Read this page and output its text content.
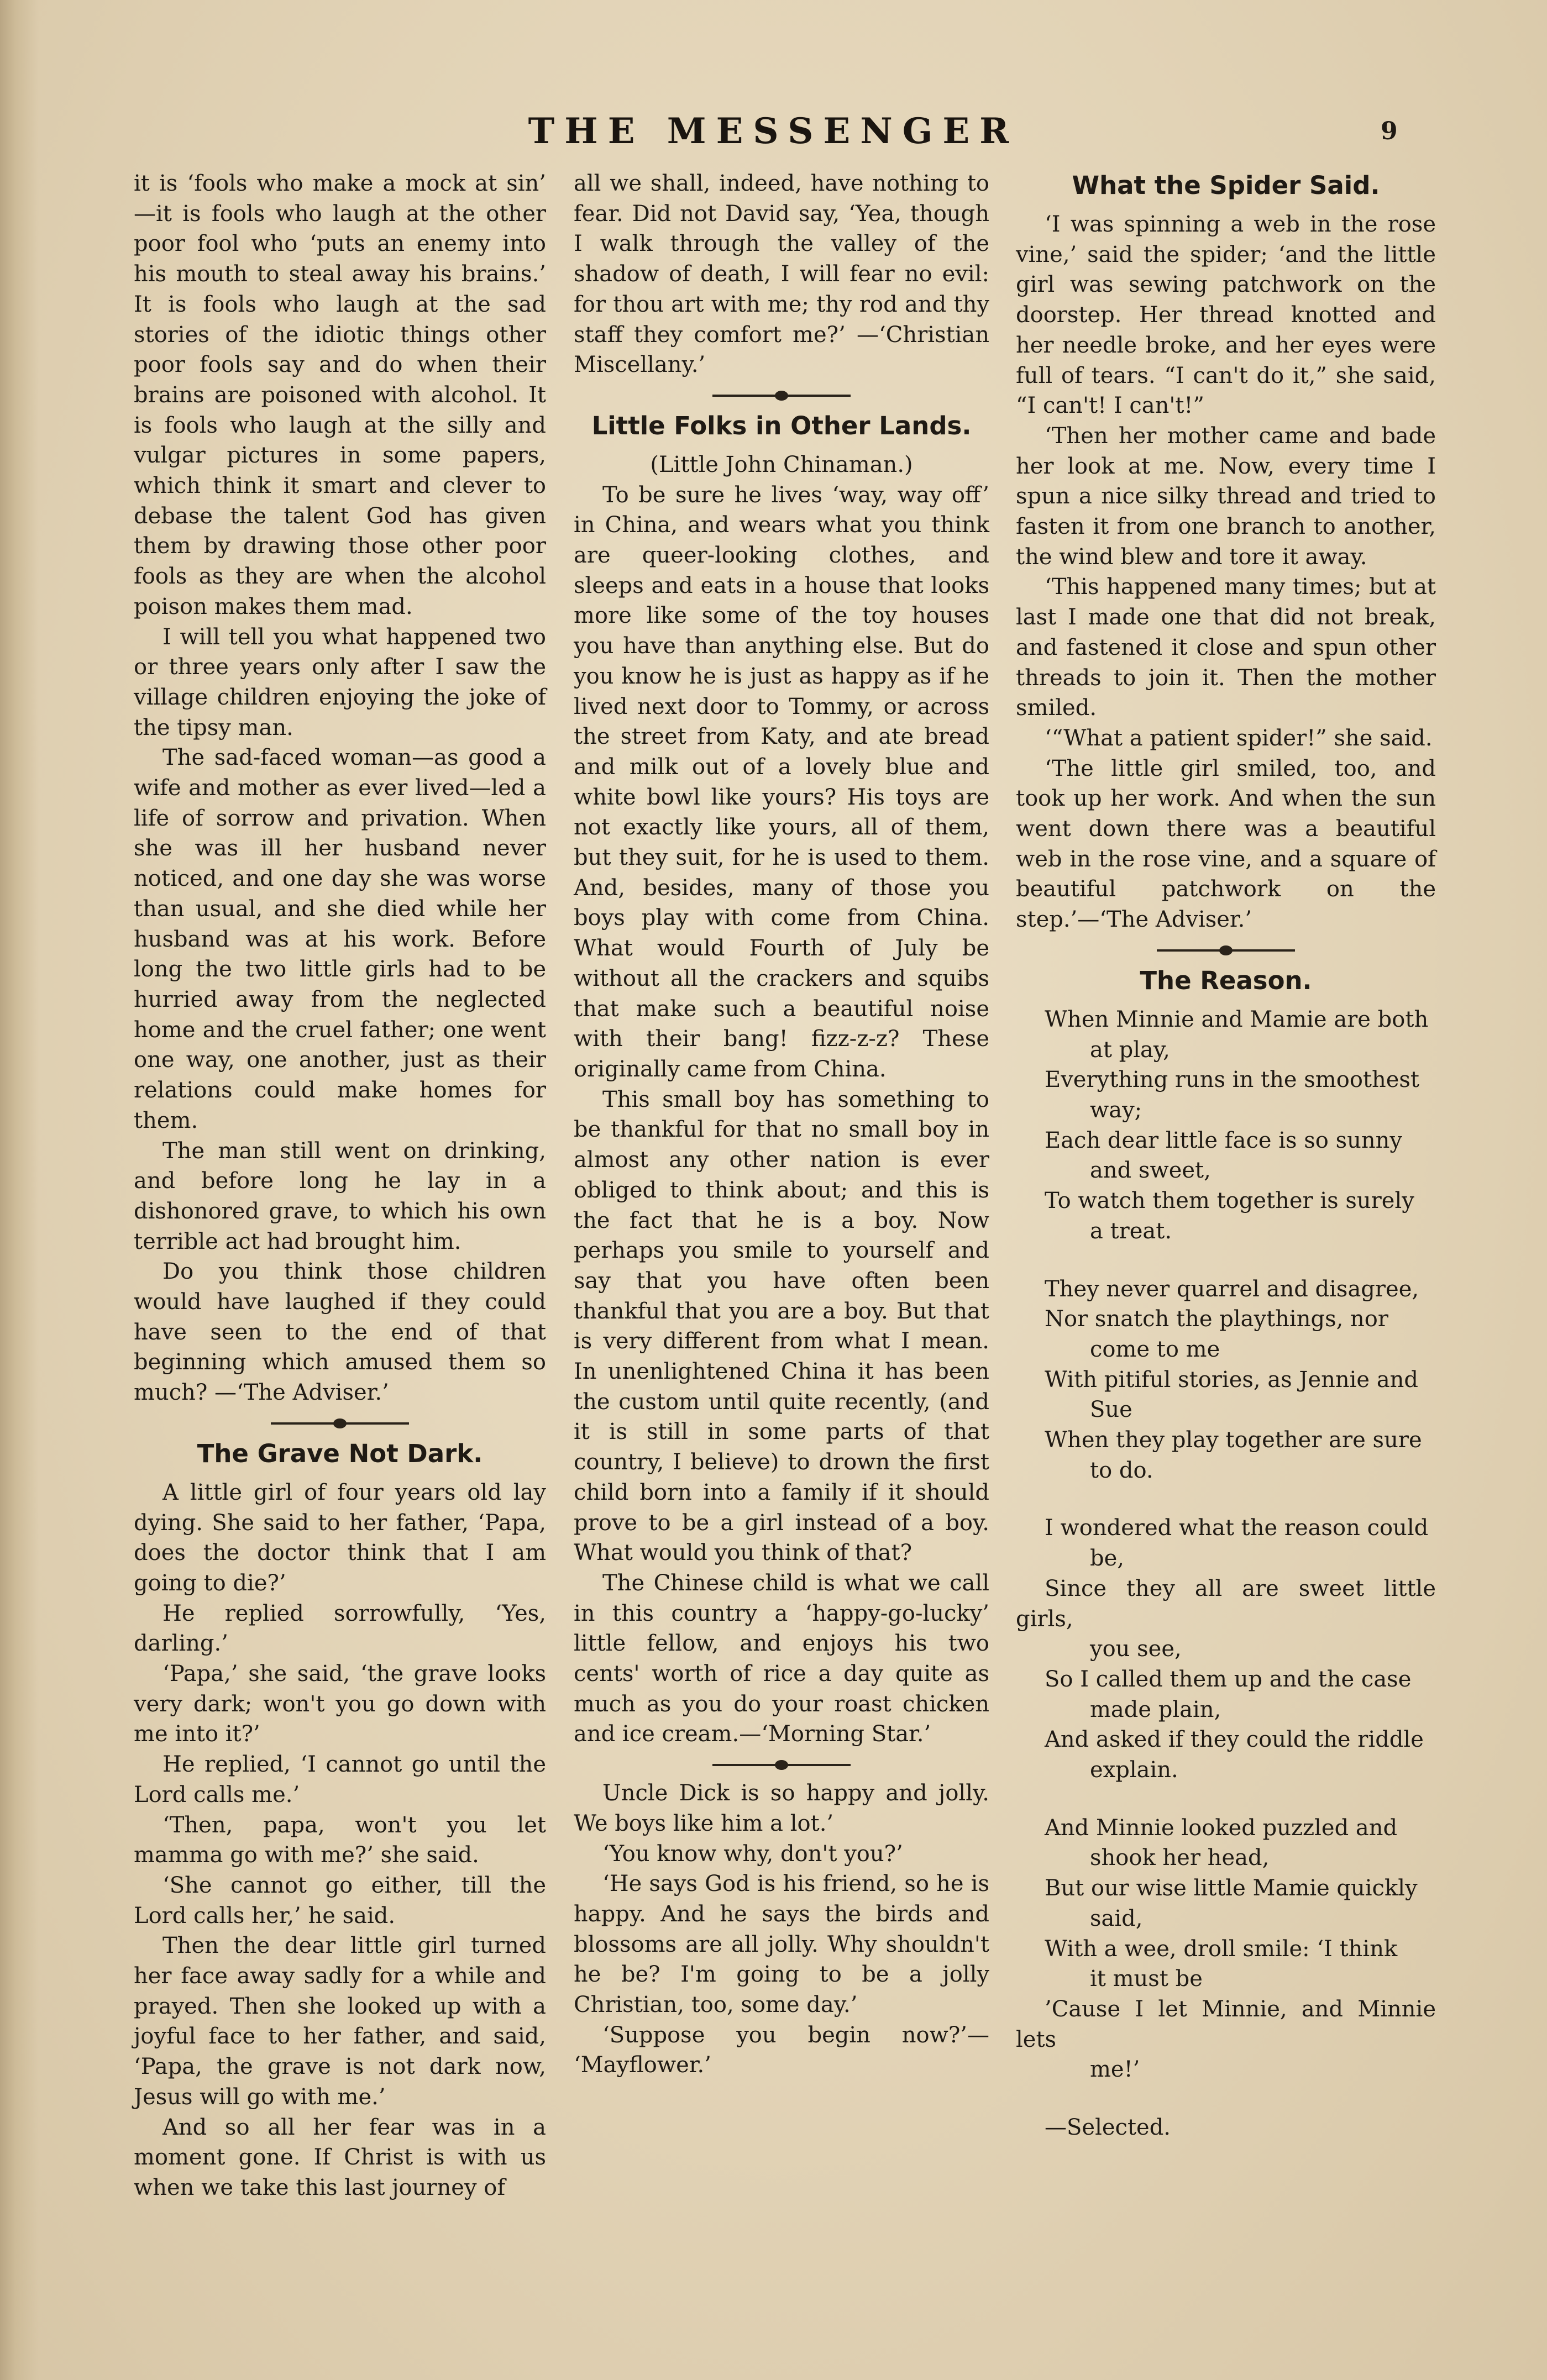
THE MESSENGER	9

it is ‘fools who make a mock at sin’ —it is fools who laugh at the other poor fool who ‘puts an enemy into his mouth to steal away his brains.’ It is fools who laugh at the sad stories of the idiotic things other poor fools say and do when their brains are poisoned with alcohol. It is fools who laugh at the silly and vulgar pictures in some papers, which think it smart and clever to debase the talent God has given them by drawing those other poor fools as they are when the alcohol poison makes them mad.

I will tell you what happened two or three years only after I saw the village children enjoying the joke of the tipsy man.

The sad-faced woman—as good a wife and mother as ever lived—led a life of sorrow and privation. When she was ill her husband never noticed, and one day she was worse than usual, and she died while her husband was at his work. Before long the two little girls had to be hurried away from the neglected home and the cruel father; one went one way, one another, just as their relations could make homes for them.

The man still went on drinking, and before long he lay in a dishonored grave, to which his own terrible act had brought him.

Do you think those children would have laughed if they could have seen to the end of that beginning which amused them so much? —‘The Adviser.’

The Grave Not Dark.

A little girl of four years old lay dying. She said to her father, ‘Papa, does the doctor think that I am going to die?’

He replied sorrowfully, ‘Yes, darling.’

‘Papa,’ she said, ‘the grave looks very dark; won't you go down with me into it?’

He replied, ‘I cannot go until the Lord calls me.’

‘Then, papa, won't you let mamma go with me?’ she said.

‘She cannot go either, till the Lord calls her,’ he said.

Then the dear little girl turned her face away sadly for a while and prayed. Then she looked up with a joyful face to her father, and said, ‘Papa, the grave is not dark now, Jesus will go with me.’

And so all her fear was in a moment gone. If Christ is with us when we take this last journey of

all we shall, indeed, have nothing to fear. Did not David say, ‘Yea, though I walk through the valley of the shadow of death, I will fear no evil: for thou art with me; thy rod and thy staff they comfort me?’ —‘Christian Miscellany.’

Little Folks in Other Lands.

(Little John Chinaman.)

To be sure he lives ‘way, way off’ in China, and wears what you think are queer-looking clothes, and sleeps and eats in a house that looks more like some of the toy houses you have than anything else. But do you know he is just as happy as if he lived next door to Tommy, or across the street from Katy, and ate bread and milk out of a lovely blue and white bowl like yours? His toys are not exactly like yours, all of them, but they suit, for he is used to them. And, besides, many of those you boys play with come from China. What would Fourth of July be without all the crackers and squibs that make such a beautiful noise with their bang! fizz-z-z? These originally came from China.

This small boy has something to be thankful for that no small boy in almost any other nation is ever obliged to think about; and this is the fact that he is a boy. Now perhaps you smile to yourself and say that you have often been thankful that you are a boy. But that is very different from what I mean. In unenlightened China it has been the custom until quite recently, (and it is still in some parts of that country, I believe) to drown the first child born into a family if it should prove to be a girl instead of a boy. What would you think of that?

The Chinese child is what we call in this country a ‘happy-go-lucky’ little fellow, and enjoys his two cents' worth of rice a day quite as much as you do your roast chicken and ice cream.—‘Morning Star.’

Uncle Dick is so happy and jolly. We boys like him a lot.’

‘You know why, don't you?’

‘He says God is his friend, so he is happy. And he says the birds and blossoms are all jolly. Why shouldn't he be? I'm going to be a jolly Christian, too, some day.’

‘Suppose you begin now?’— ‘Mayflower.’

What the Spider Said.

‘I was spinning a web in the rose vine,’ said the spider; ‘and the little girl was sewing patchwork on the doorstep. Her thread knotted and her needle broke, and her eyes were full of tears. “I can't do it,” she said, “I can't! I can't!”

‘Then her mother came and bade her look at me. Now, every time I spun a nice silky thread and tried to fasten it from one branch to another, the wind blew and tore it away.

‘This happened many times; but at last I made one that did not break, and fastened it close and spun other threads to join it. Then the mother smiled.

‘“What a patient spider!” she said.

‘The little girl smiled, too, and took up her work. And when the sun went down there was a beautiful web in the rose vine, and a square of beautiful patchwork on the step.’—‘The Adviser.’

The Reason.

When Minnie and Mamie are both

at play,

Everything runs in the smoothest

way;

Each dear little face is so sunny

and sweet,

To watch them together is surely

a treat.

They never quarrel and disagree,

Nor snatch the playthings, nor

come to me

With pitiful stories, as Jennie and

Sue

When they play together are sure

to do.

I wondered what the reason could

be,

Since they all are sweet little girls,

you see,

So I called them up and the case

made plain,

And asked if they could the riddle

explain.

And Minnie looked puzzled and

shook her head,

But our wise little Mamie quickly

said,

With a wee, droll smile: ‘I think

it must be

’Cause I let Minnie, and Minnie lets

me!’

—Selected.
